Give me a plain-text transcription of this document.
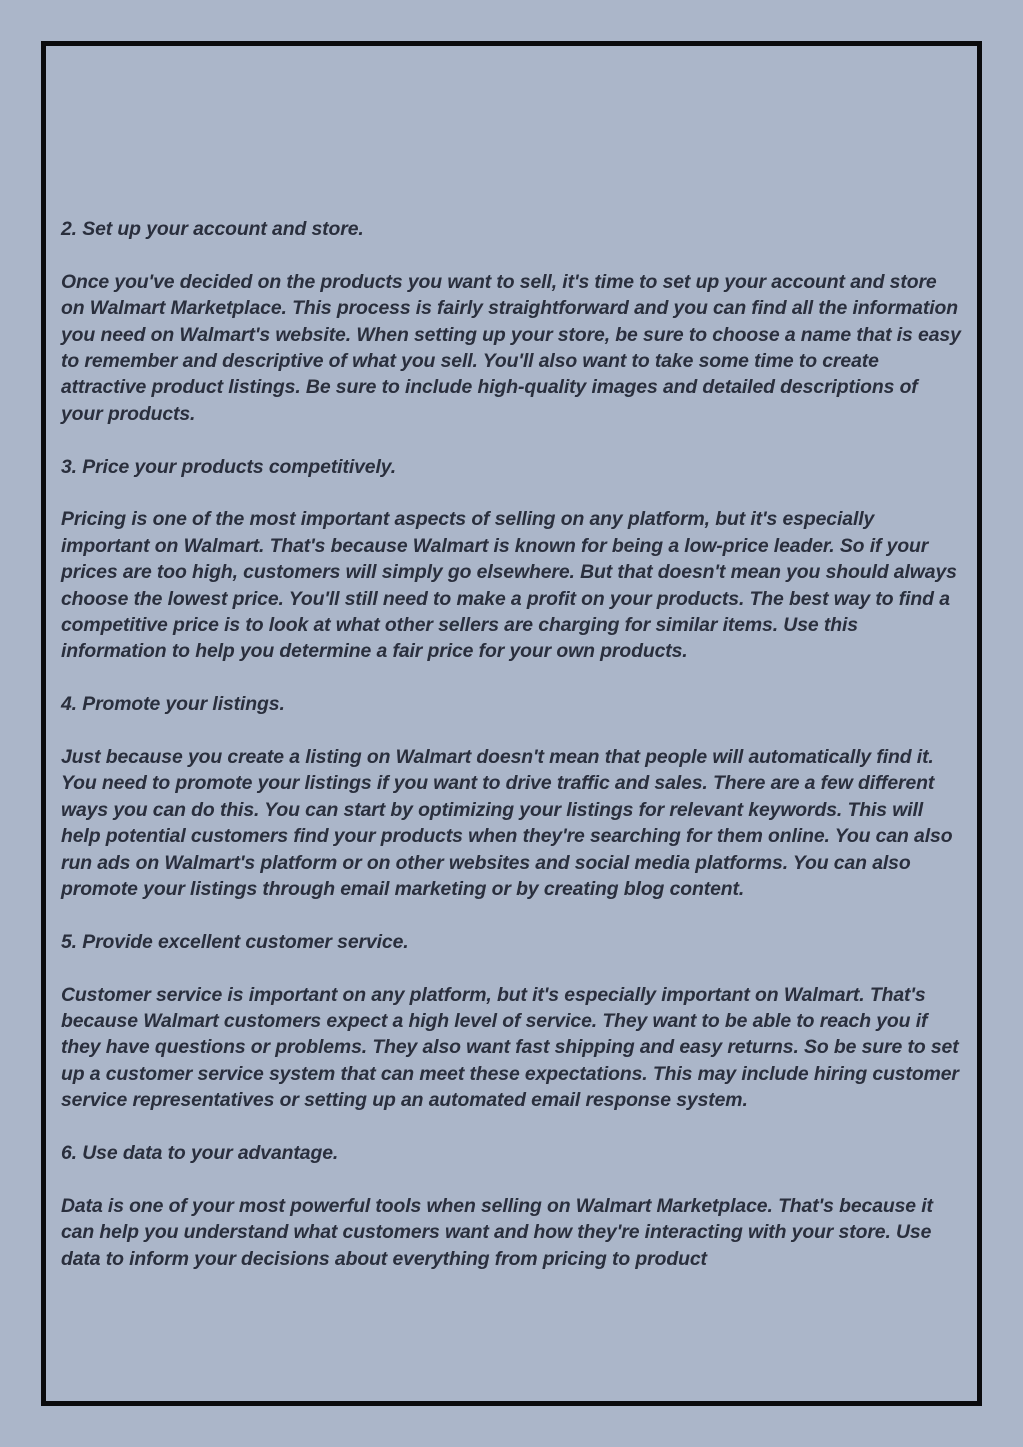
2. Set up your account and store.

Once you've decided on the products you want to sell, it's time to set up your account and store on Walmart Marketplace. This process is fairly straightforward and you can find all the information you need on Walmart's website. When setting up your store, be sure to choose a name that is easy to remember and descriptive of what you sell. You'll also want to take some time to create attractive product listings. Be sure to include high-quality images and detailed descriptions of your products.

3. Price your products competitively.

Pricing is one of the most important aspects of selling on any platform, but it's especially important on Walmart. That's because Walmart is known for being a low-price leader. So if your prices are too high, customers will simply go elsewhere. But that doesn't mean you should always choose the lowest price. You'll still need to make a profit on your products. The best way to find a competitive price is to look at what other sellers are charging for similar items. Use this information to help you determine a fair price for your own products.

4. Promote your listings.

Just because you create a listing on Walmart doesn't mean that people will automatically find it. You need to promote your listings if you want to drive traffic and sales. There are a few different ways you can do this. You can start by optimizing your listings for relevant keywords. This will help potential customers find your products when they're searching for them online. You can also run ads on Walmart's platform or on other websites and social media platforms. You can also promote your listings through email marketing or by creating blog content.

5. Provide excellent customer service.

Customer service is important on any platform, but it's especially important on Walmart. That's because Walmart customers expect a high level of service. They want to be able to reach you if they have questions or problems. They also want fast shipping and easy returns. So be sure to set up a customer service system that can meet these expectations. This may include hiring customer service representatives or setting up an automated email response system.

6. Use data to your advantage.

Data is one of your most powerful tools when selling on Walmart Marketplace. That's because it can help you understand what customers want and how they're interacting with your store. Use data to inform your decisions about everything from pricing to product
